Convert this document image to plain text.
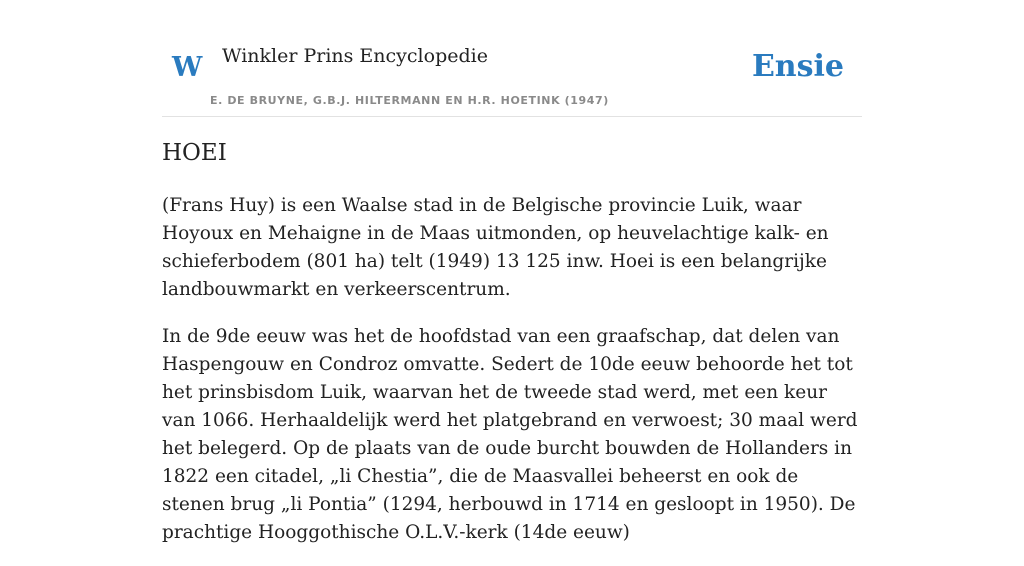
W Winkler Prins Encyclopedie
E. DE BRUYNE, G.B.J. HILTERMANN EN H.R. HOETINK (1947)
Ensie
HOEI

(Frans Huy) is een Waalse stad in de Belgische provincie Luik, waar Hoyoux en Mehaigne in de Maas uitmonden, op heuvelachtige kalk- en schieferbodem (801 ha) telt (1949) 13 125 inw. Hoei is een belangrijke landbouwmarkt en verkeerscentrum.

In de 9de eeuw was het de hoofdstad van een graafschap, dat delen van Haspengouw en Condroz omvatte. Sedert de 10de eeuw behoorde het tot het prinsbisdom Luik, waarvan het de tweede stad werd, met een keur van 1066. Herhaaldelijk werd het platgebrand en verwoest; 30 maal werd het belegerd. Op de plaats van de oude burcht bouwden de Hollanders in 1822 een citadel, „li Chestia”, die de Maasvallei beheerst en ook de stenen brug „li Pontia” (1294, herbouwd in 1714 en gesloopt in 1950). De prachtige Hooggothische O.L.V.-kerk (14de eeuw)
